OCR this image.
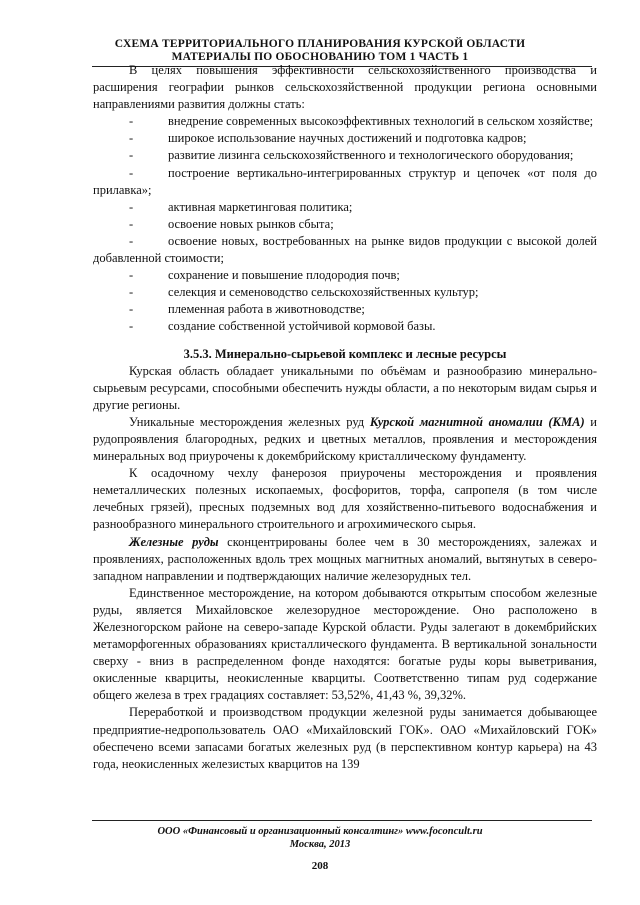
СХЕМА ТЕРРИТОРИАЛЬНОГО ПЛАНИРОВАНИЯ КУРСКОЙ ОБЛАСТИ
МАТЕРИАЛЫ ПО ОБОСНОВАНИЮ ТОМ 1 ЧАСТЬ 1

В целях повышения эффективности сельскохозяйственного производства и расширения географии рынков сельскохозяйственной продукции региона основными направлениями развития должны стать:

-	внедрение современных высокоэффективных технологий в сельском хозяйстве;

-	широкое использование научных достижений и подготовка кадров;

-	развитие лизинга сельскохозяйственного и технологического оборудования;

-	построение вертикально-интегрированных структур и цепочек «от поля до прилавка»;

-	активная маркетинговая политика;

-	освоение новых рынков сбыта;

-	освоение новых, востребованных на рынке видов продукции с высокой долей добавленной стоимости;

-	сохранение и повышение плодородия почв;

-	селекция и семеноводство сельскохозяйственных культур;

-	племенная работа в животноводстве;

-	создание собственной устойчивой кормовой базы.

3.5.3. Минерально-сырьевой комплекс и лесные ресурсы

Курская область обладает уникальными по объёмам и разнообразию минерально-сырьевым ресурсами, способными обеспечить нужды области, а по некоторым видам сырья и другие регионы.

Уникальные месторождения железных руд Курской магнитной аномалии (КМА) и рудопроявления благородных, редких и цветных металлов, проявления и месторождения минеральных вод приурочены к докембрийскому кристаллическому фундаменту.

К осадочному чехлу фанерозоя приурочены месторождения и проявления неметаллических полезных ископаемых, фосфоритов, торфа, сапропеля (в том числе лечебных грязей), пресных подземных вод для хозяйственно-питьевого водоснабжения и разнообразного минерального строительного и агрохимического сырья.

Железные руды сконцентрированы более чем в 30 месторождениях, залежах и проявлениях, расположенных вдоль трех мощных магнитных аномалий, вытянутых в северо-западном направлении и подтверждающих наличие железорудных тел.

Единственное месторождение, на котором добываются открытым способом железные руды, является Михайловское железорудное месторождение. Оно расположено в Железногорском районе на северо-западе Курской области. Руды залегают в докембрийских метаморфогенных образованиях кристаллического фундамента. В вертикальной зональности сверху - вниз в распределенном фонде находятся: богатые руды коры выветривания, окисленные кварциты, неокисленные кварциты. Соответственно типам руд содержание общего железа в трех градациях составляет: 53,52%, 41,43 %, 39,32%.

Переработкой и производством продукции железной руды занимается добывающее предприятие-недропользователь ОАО «Михайловский ГОК». ОАО «Михайловский ГОК» обеспечено всеми запасами богатых железных руд (в перспективном контур карьера) на 43 года, неокисленных железистых кварцитов на 139

ООО «Финансовый и организационный консалтинг» www.foconcult.ru
Москва, 2013
208
